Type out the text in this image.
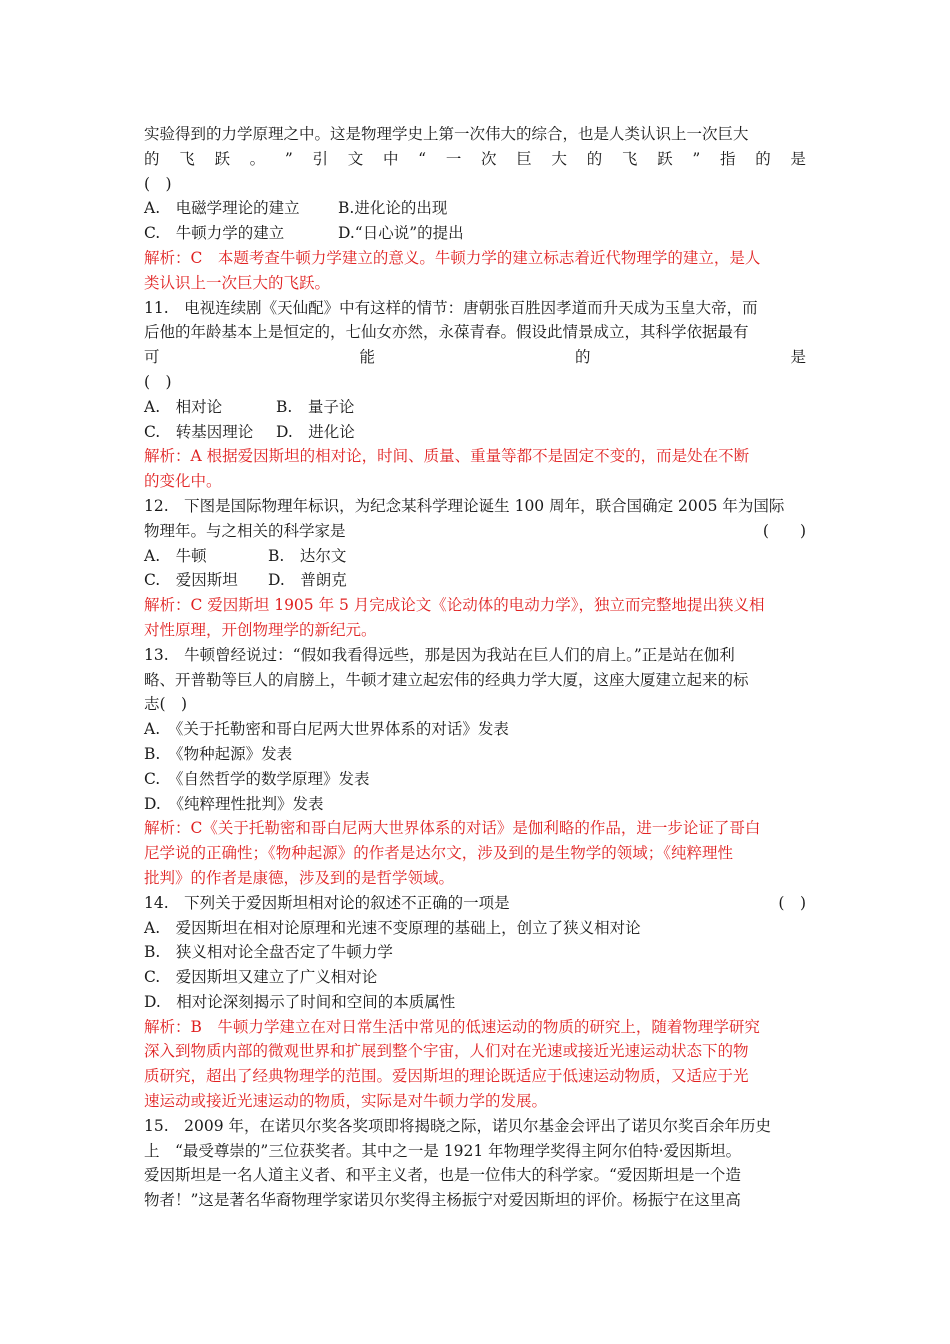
实验得到的力学原理之中。这是物理学史上第一次伟大的综合，也是人类认识上一次巨大
的 飞 跃 。 ” 引 文 中 “ 一 次 巨 大 的 飞 跃 ” 指 的 是
(　)
A.　电磁学理论的建立 B.进化论的出现
C.　牛顿力学的建立	D.“日心说”的提出
解析：C　本题考查牛顿力学建立的意义。牛顿力学的建立标志着近代物理学的建立，是人
类认识上一次巨大的飞跃。
11.　电视连续剧《天仙配》中有这样的情节：唐朝张百胜因孝道而升天成为玉皇大帝，而
后他的年龄基本上是恒定的，七仙女亦然，永葆青春。假设此情景成立，其科学依据最有
可	能	的	是
(　)
A.　相对论	B.　量子论
C.　转基因理论 D.　进化论
解析：A 根据爱因斯坦的相对论，时间、质量、重量等都不是固定不变的，而是处在不断
的变化中。
12.　下图是国际物理年标识，为纪念某科学理论诞生 100 周年，联合国确定 2005 年为国际
物理年。与之相关的科学家是	(　　)
A.　牛顿	B.　达尔文
C.　爱因斯坦 D.　普朗克
解析：C 爱因斯坦 1905 年 5 月完成论文《论动体的电动力学》，独立而完整地提出狭义相
对性原理，开创物理学的新纪元。
13.　牛顿曾经说过：“假如我看得远些，那是因为我站在巨人们的肩上。”正是站在伽利
略、开普勒等巨人的肩膀上，牛顿才建立起宏伟的经典力学大厦，这座大厦建立起来的标
志(　)
A.　《关于托勒密和哥白尼两大世界体系的对话》发表
B.　《物种起源》发表
C.　《自然哲学的数学原理》发表
D.　《纯粹理性批判》发表
解析：C《关于托勒密和哥白尼两大世界体系的对话》是伽利略的作品，进一步论证了哥白
尼学说的正确性；《物种起源》的作者是达尔文，涉及到的是生物学的领域；《纯粹理性
批判》的作者是康德，涉及到的是哲学领域。
14.　下列关于爱因斯坦相对论的叙述不正确的一项是	(　)
A.　爱因斯坦在相对论原理和光速不变原理的基础上，创立了狭义相对论
B.　狭义相对论全盘否定了牛顿力学
C.　爱因斯坦又建立了广义相对论
D.　相对论深刻揭示了时间和空间的本质属性
解析：B　牛顿力学建立在对日常生活中常见的低速运动的物质的研究上，随着物理学研究
深入到物质内部的微观世界和扩展到整个宇宙，人们对在光速或接近光速运动状态下的物
质研究，超出了经典物理学的范围。爱因斯坦的理论既适应于低速运动物质，又适应于光
速运动或接近光速运动的物质，实际是对牛顿力学的发展。
15.　2009 年，在诺贝尔奖各奖项即将揭晓之际，诺贝尔基金会评出了诺贝尔奖百余年历史
上　“最受尊崇的”三位获奖者。其中之一是 1921 年物理学奖得主阿尔伯特·爱因斯坦。
爱因斯坦是一名人道主义者、和平主义者，也是一位伟大的科学家。“爱因斯坦是一个造
物者！”这是著名华裔物理学家诺贝尔奖得主杨振宁对爱因斯坦的评价。杨振宁在这里高
